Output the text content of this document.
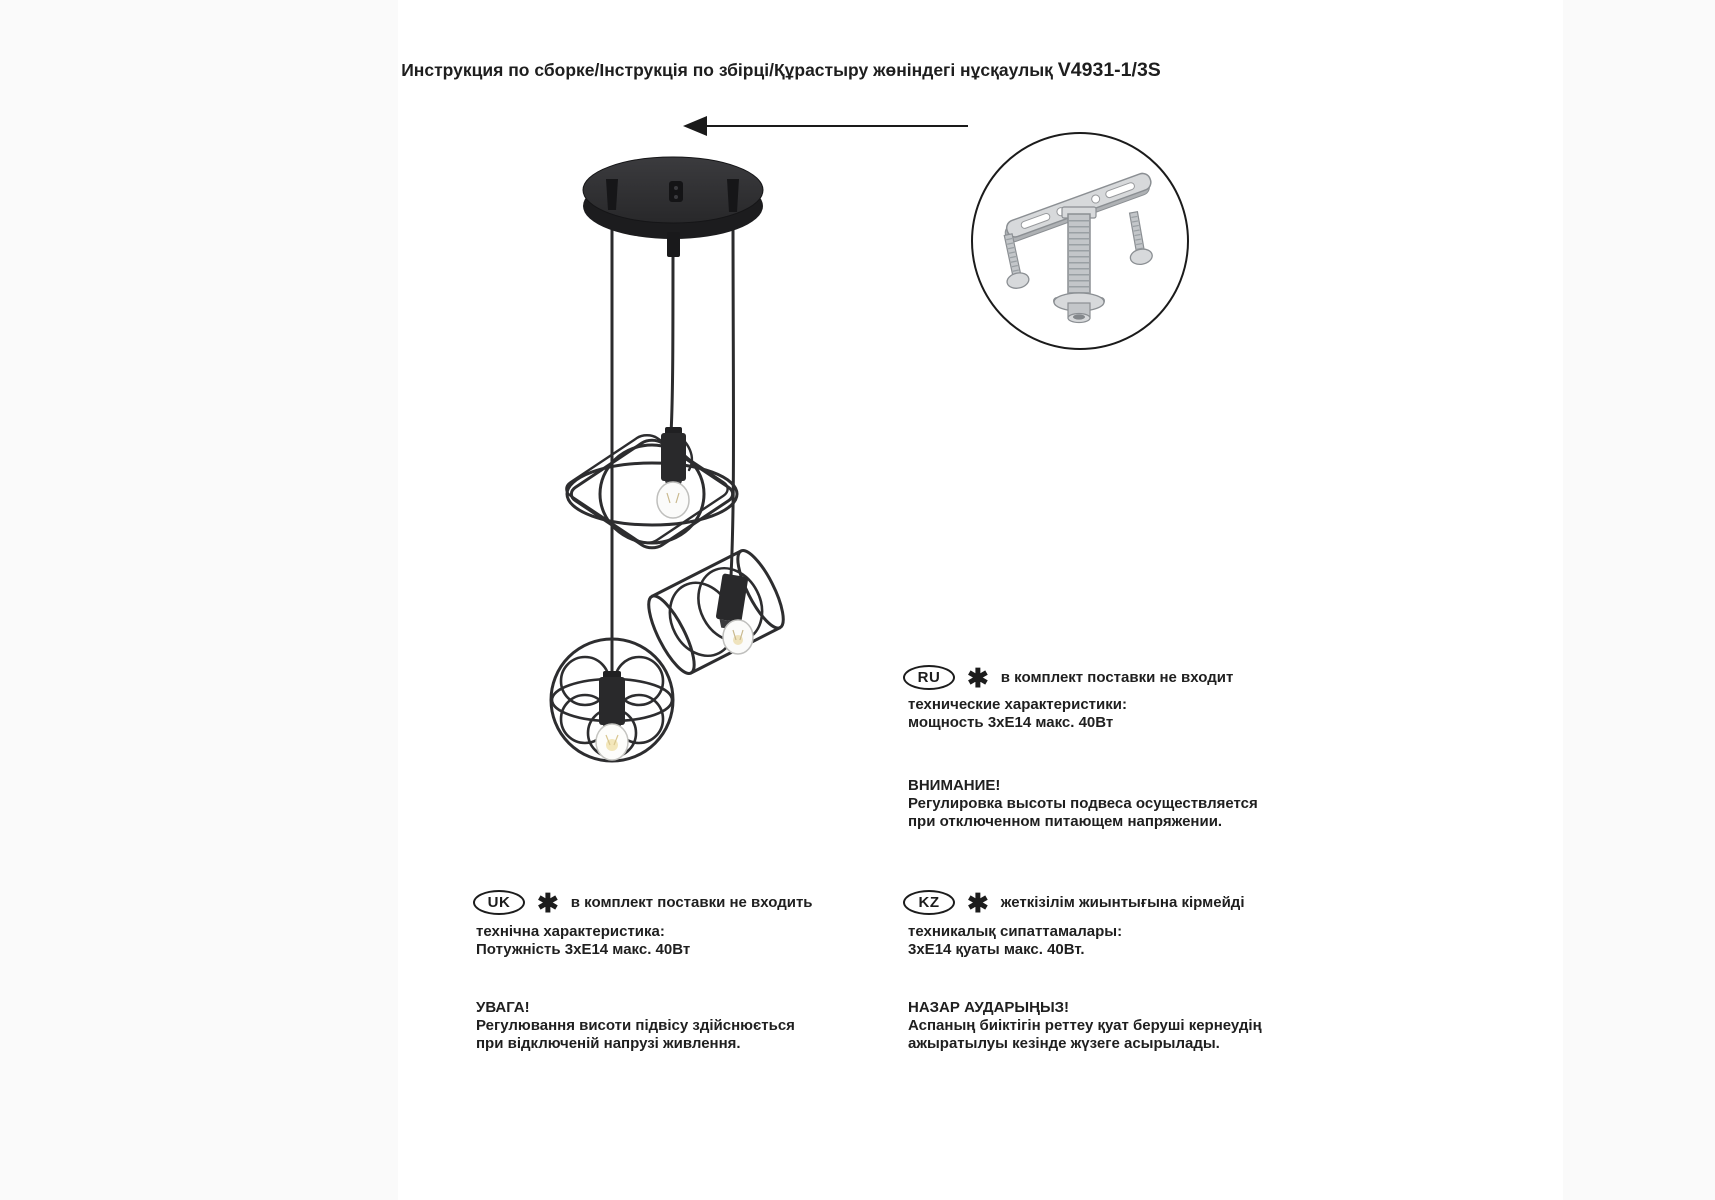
Инструкция по сборке/Інструкція по збірці/Құрастыру жөніндегі нұсқаулық V4931-1/3S
RU	✱ в комплект поставки не входит
технические характеристики:
мощность 3хЕ14 макс. 40Вт
ВНИМАНИЕ!
Регулировка высоты подвеса осуществляется
при отключенном питающем напряжении.
UK	✱ в комплект поставки не входить
технічна характеристика:
Потужність 3хЕ14 макс. 40Вт
УВАГА!
Регулювання висоти підвісу здійснюється
при відключеній напрузі живлення.
KZ	✱ жеткізілім жиынтығына кірмейді
техникалық сипаттамалары:
3хЕ14 қуаты макс. 40Вт.
НАЗАР АУДАРЫҢЫЗ!
Аспаның биіктігін реттеу қуат беруші кернеудің
ажыратылуы кезінде жүзеге асырылады.
